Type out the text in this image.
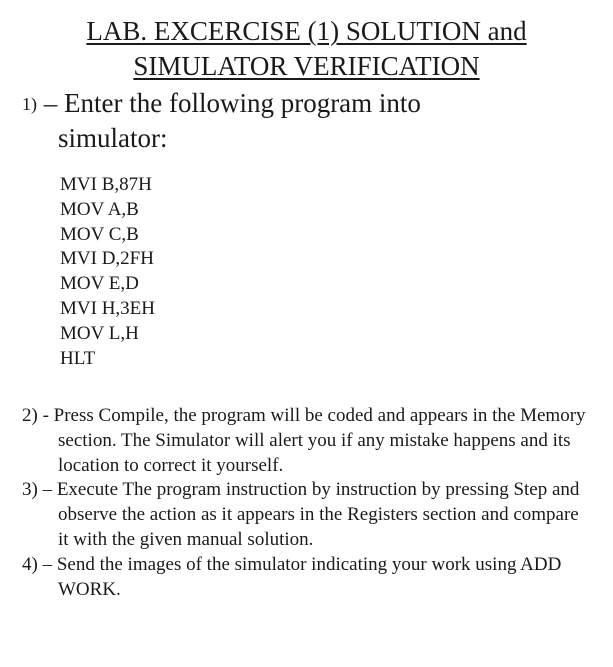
LAB. EXCERCISE (1) SOLUTION and
SIMULATOR VERIFICATION
1) – Enter the following program into
simulator:
MVI B,87H
MOV A,B
MOV C,B
MVI D,2FH
MOV E,D
MVI H,3EH
MOV L,H
HLT
2) - Press Compile, the program will be coded and appears in the Memory section. The Simulator will alert you if any mistake happens and its location to correct it yourself.
3) – Execute The program instruction by instruction by pressing Step and observe the action as it appears in the Registers section and compare it with the given manual solution.
4) – Send the images of the simulator indicating your work using ADD WORK.
